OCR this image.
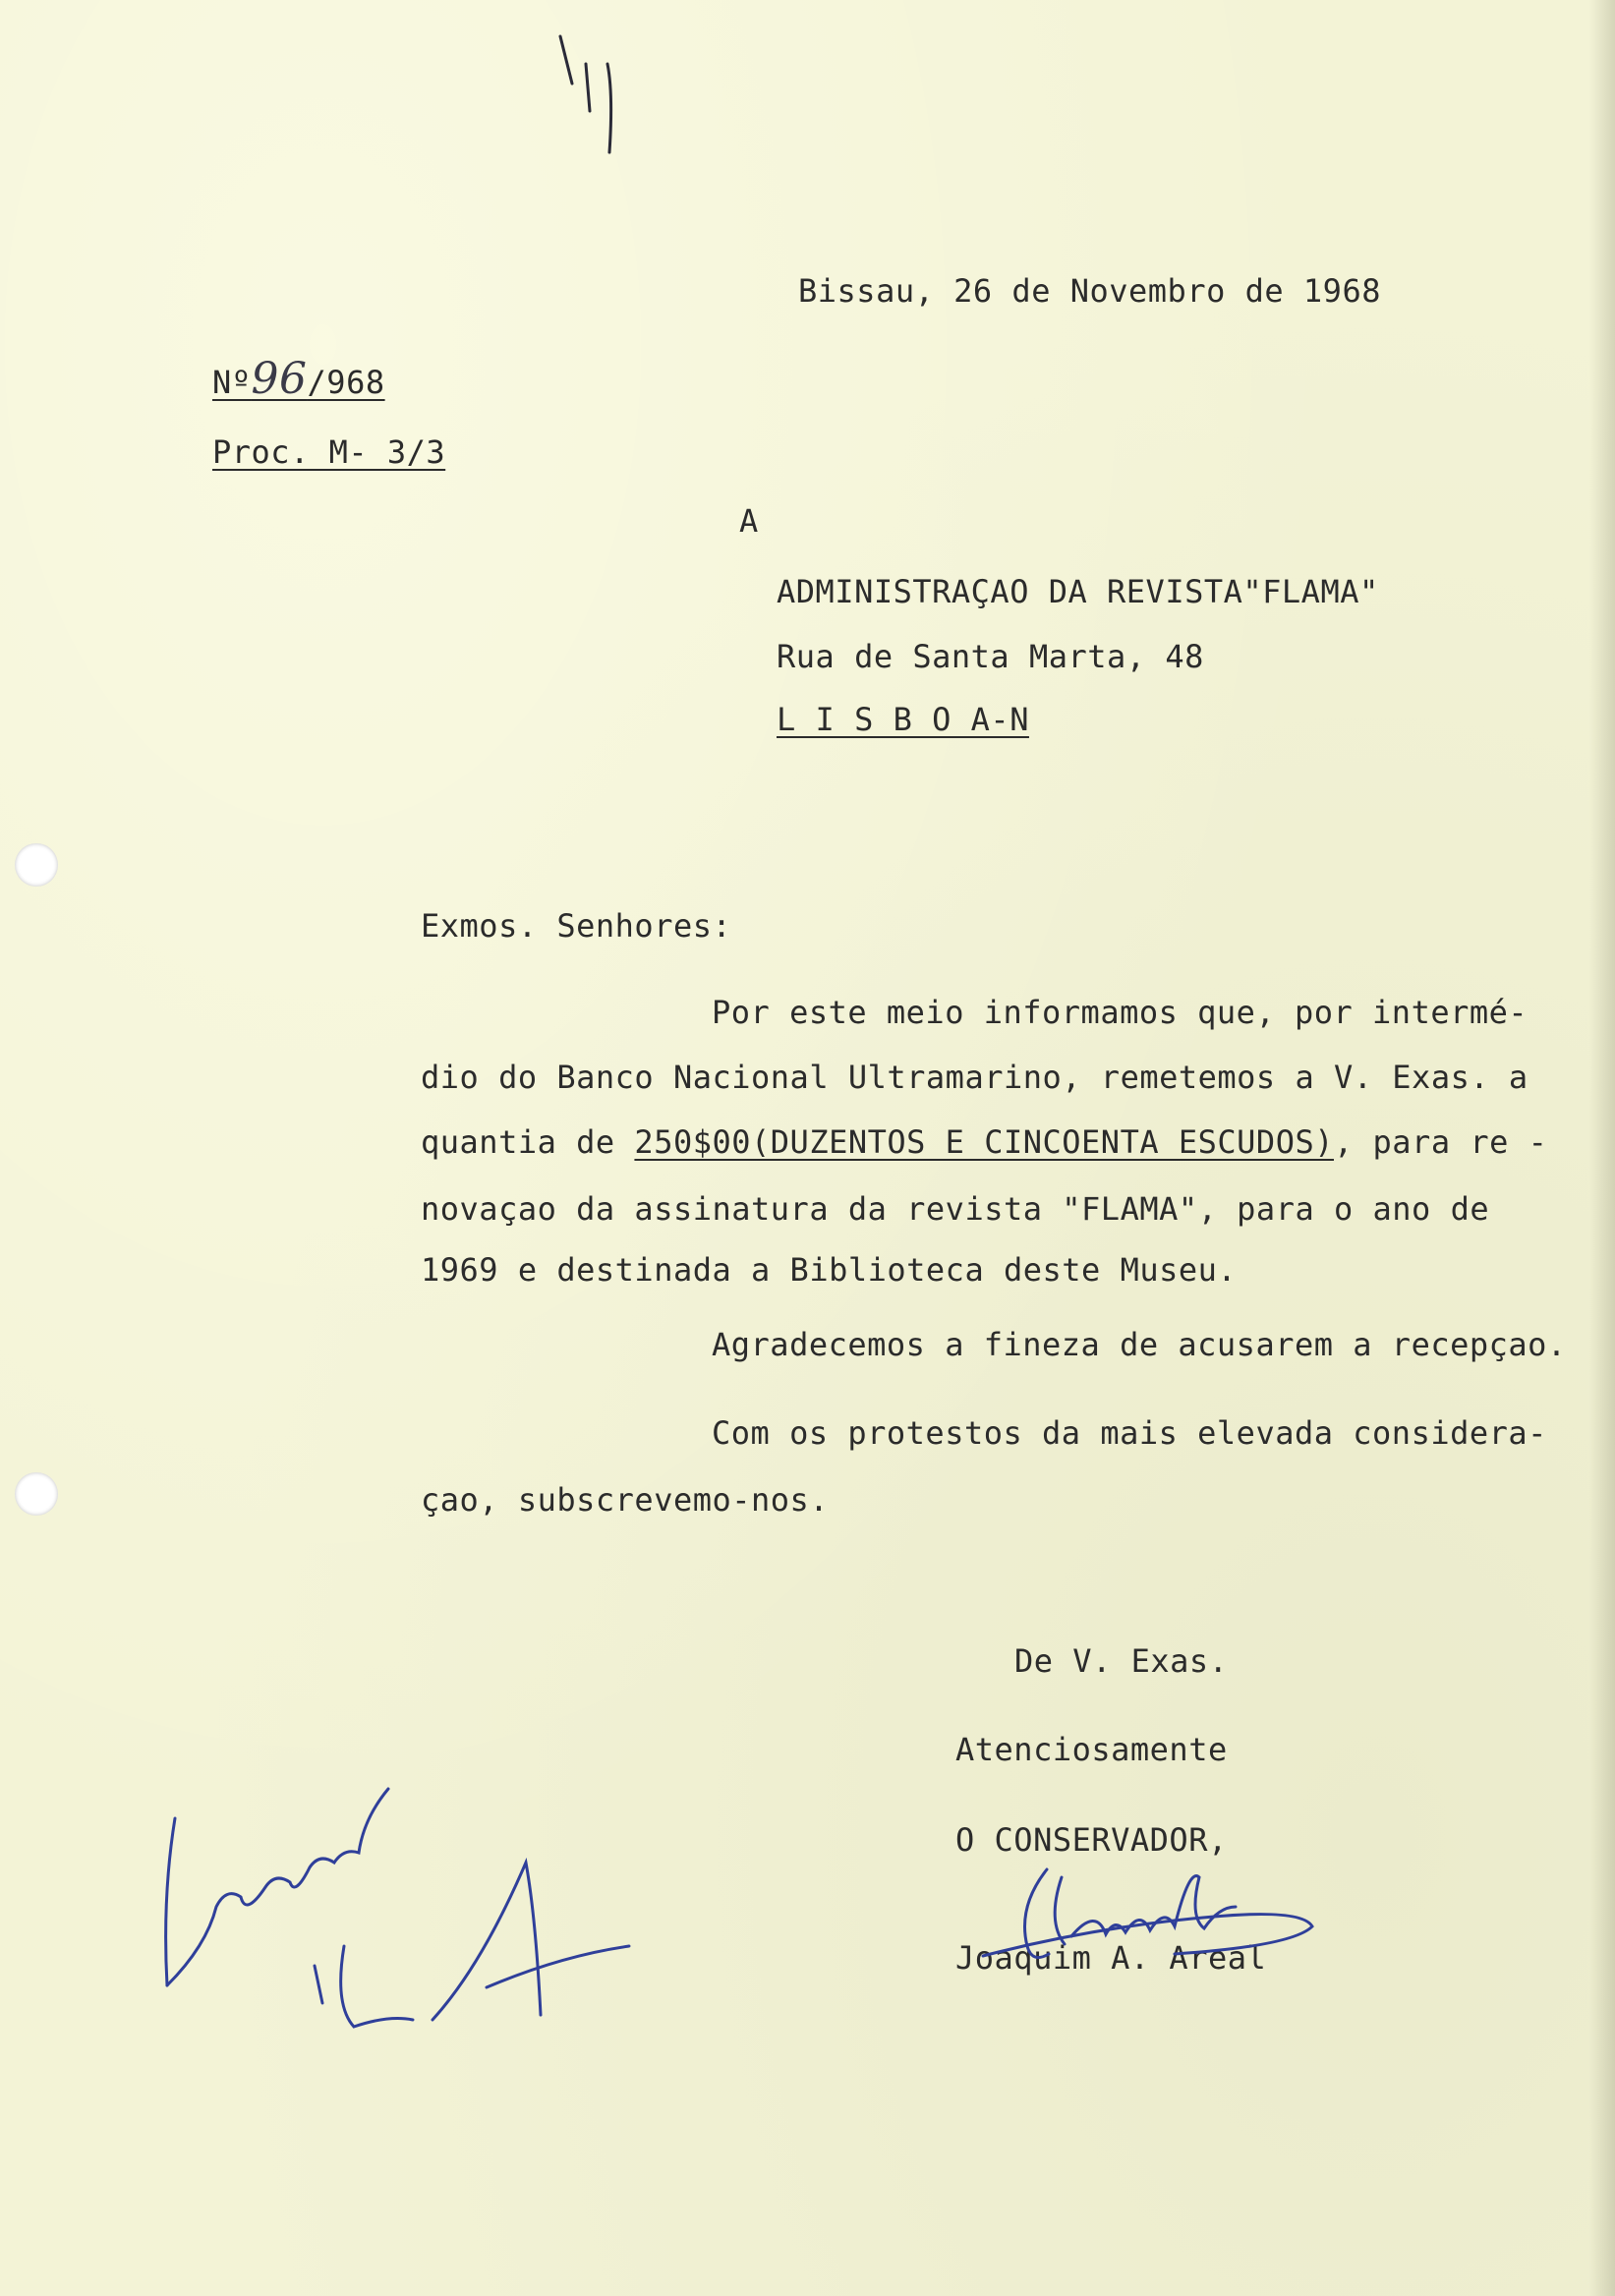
Bissau, 26 de Novembro de 1968
Nº96/968
Proc. M- 3/3
A
ADMINISTRAÇAO DA REVISTA"FLAMA"
Rua de Santa Marta, 48
L I S B O A-N
Exmos. Senhores:
Por este meio informamos que, por intermé-
dio do Banco Nacional Ultramarino, remetemos a V. Exas. a
quantia de 250$00(DUZENTOS E CINCOENTA ESCUDOS), para re -
novaçao da assinatura da revista "FLAMA", para o ano de
1969 e destinada a Biblioteca deste Museu.
Agradecemos a fineza de acusarem a recepçao.
Com os protestos da mais elevada considera-
çao, subscrevemo-nos.
De V. Exas.
Atenciosamente
O CONSERVADOR,
Joaquim A. Areal
